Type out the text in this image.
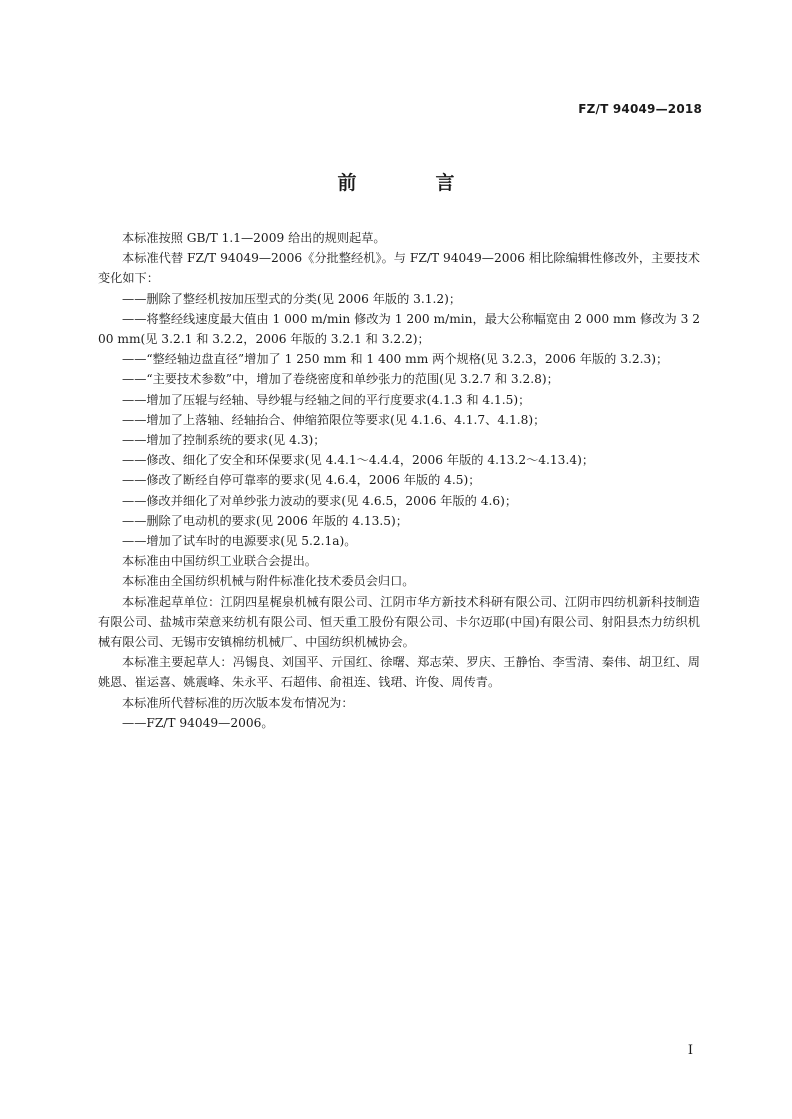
FZ/T 94049—2018
前　言

本标准按照 GB/T 1.1—2009 给出的规则起草。

本标准代替 FZ/T 94049—2006《分批整经机》。与 FZ/T 94049—2006 相比除编辑性修改外，主要技术变化如下：

——删除了整经机按加压型式的分类(见 2006 年版的 3.1.2)；

——将整经线速度最大值由 1 000 m/min 修改为 1 200 m/min，最大公称幅宽由 2 000 mm 修改为 3 200 mm(见 3.2.1 和 3.2.2，2006 年版的 3.2.1 和 3.2.2)；

——“整经轴边盘直径”增加了 1 250 mm 和 1 400 mm 两个规格(见 3.2.3，2006 年版的 3.2.3)；

——“主要技术参数”中，增加了卷绕密度和单纱张力的范围(见 3.2.7 和 3.2.8)；

——增加了压辊与经轴、导纱辊与经轴之间的平行度要求(4.1.3 和 4.1.5)；

——增加了上落轴、经轴抬合、伸缩筘限位等要求(见 4.1.6、4.1.7、4.1.8)；

——增加了控制系统的要求(见 4.3)；

——修改、细化了安全和环保要求(见 4.4.1～4.4.4，2006 年版的 4.13.2～4.13.4)；

——修改了断经自停可靠率的要求(见 4.6.4，2006 年版的 4.5)；

——修改并细化了对单纱张力波动的要求(见 4.6.5，2006 年版的 4.6)；

——删除了电动机的要求(见 2006 年版的 4.13.5)；

——增加了试车时的电源要求(见 5.2.1a)。

本标准由中国纺织工业联合会提出。

本标准由全国纺织机械与附件标准化技术委员会归口。

本标准起草单位：江阴四星梶泉机械有限公司、江阴市华方新技术科研有限公司、江阴市四纺机新科技制造有限公司、盐城市荣意来纺机有限公司、恒天重工股份有限公司、卡尔迈耶(中国)有限公司、射阳县杰力纺织机械有限公司、无锡市安镇棉纺机械厂、中国纺织机械协会。

本标准主要起草人：冯锡良、刘国平、亓国红、徐曙、郑志荣、罗庆、王静怡、李雪清、秦伟、胡卫红、周姚恩、崔运喜、姚震峰、朱永平、石超伟、俞祖连、钱珺、许俊、周传青。

本标准所代替标准的历次版本发布情况为：

——FZ/T 94049—2006。

I
